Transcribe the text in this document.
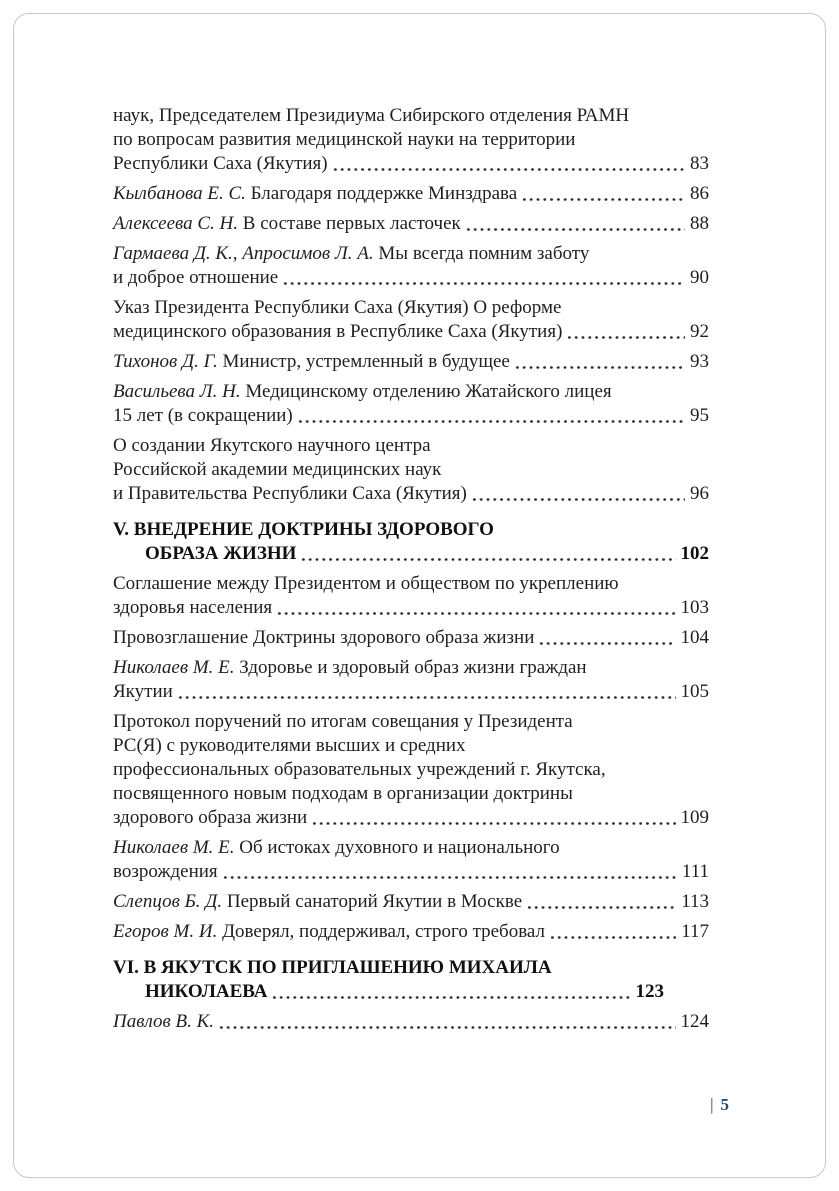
наук, Председателем Президиума Сибирского отделения РАМН
по вопросам развития медицинской науки на территории
Республики Саха (Якутия)	83
Кылбанова Е. С. Благодаря поддержке Минздрава	86
Алексеева С. Н. В составе первых ласточек	88
Гармаева Д. К., Апросимов Л. А. Мы всегда помним заботу
и доброе отношение	90
Указ Президента Республики Саха (Якутия) О реформе
медицинского образования в Республике Саха (Якутия)	92
Тихонов Д. Г. Министр, устремленный в будущее	93
Васильева Л. Н. Медицинскому отделению Жатайского лицея
15 лет (в сокращении)	95
О создании Якутского научного центра
Российской академии медицинских наук
и Правительства Республики Саха (Якутия)	96
V. ВНЕДРЕНИЕ ДОКТРИНЫ ЗДОРОВОГО
ОБРАЗА ЖИЗНИ	102
Соглашение между Президентом и обществом по укреплению
здоровья населения	103
Провозглашение Доктрины здорового образа жизни	104
Николаев М. Е. Здоровье и здоровый образ жизни граждан
Якутии	105
Протокол поручений по итогам совещания у Президента
РС(Я) с руководителями высших и средних
профессиональных образовательных учреждений г. Якутска,
посвященного новым подходам в организации доктрины
здорового образа жизни	109
Николаев М. Е. Об истоках духовного и национального
возрождения	111
Слепцов Б. Д. Первый санаторий Якутии в Москве	113
Егоров М. И. Доверял, поддерживал, строго требовал	117
VI. В ЯКУТСК ПО ПРИГЛАШЕНИЮ МИХАИЛА
НИКОЛАЕВА	123
Павлов В. К.	124
| 5
